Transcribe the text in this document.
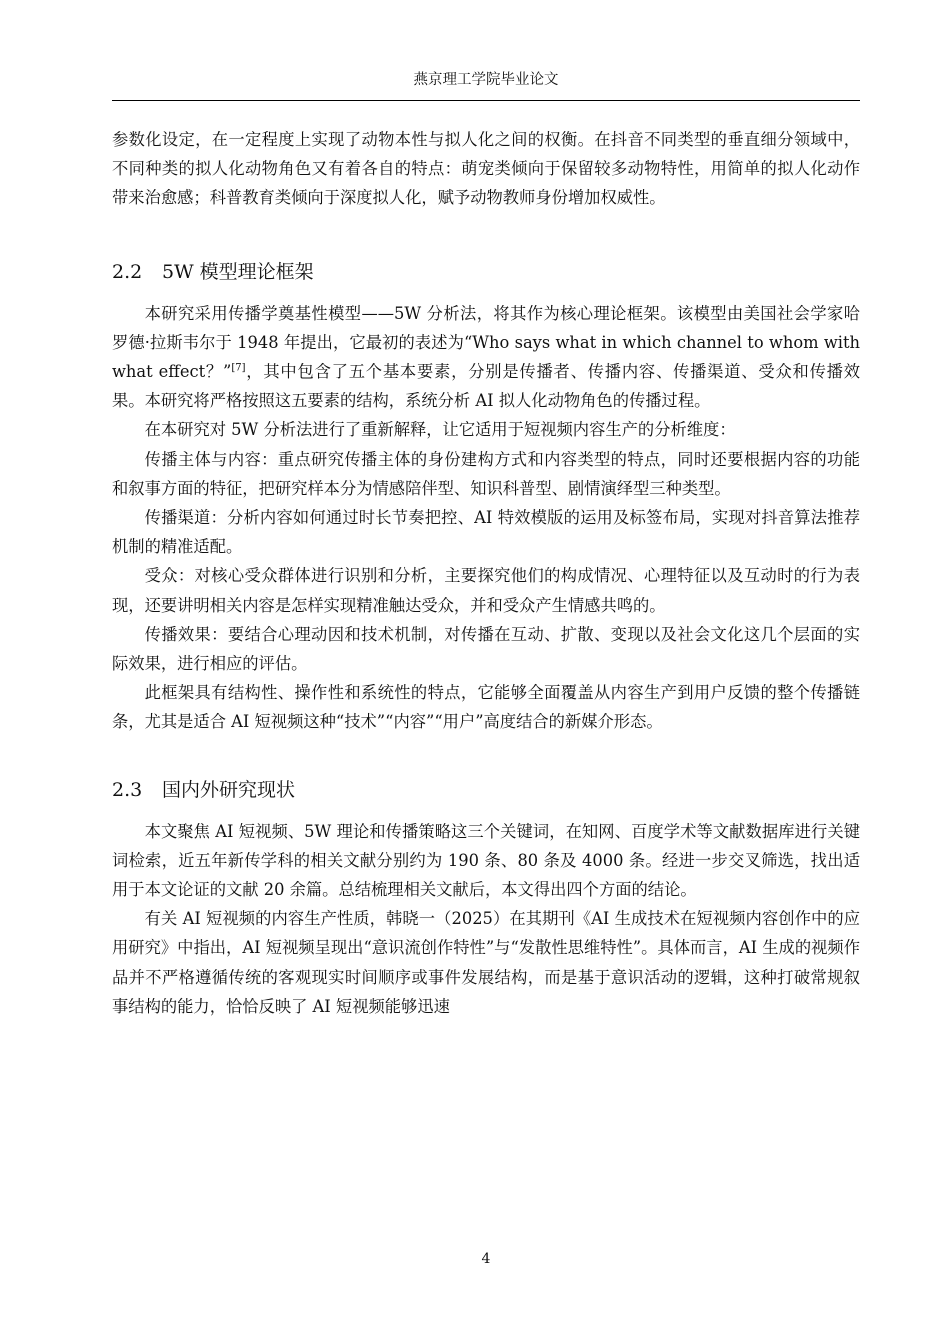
燕京理工学院毕业论文

参数化设定，在一定程度上实现了动物本性与拟人化之间的权衡。在抖音不同类型的垂直细分领域中，不同种类的拟人化动物角色又有着各自的特点：萌宠类倾向于保留较多动物特性，用简单的拟人化动作带来治愈感；科普教育类倾向于深度拟人化，赋予动物教师身份增加权威性。

2.2 5W 模型理论框架

本研究采用传播学奠基性模型——5W 分析法，将其作为核心理论框架。该模型由美国社会学家哈罗德·拉斯韦尔于 1948 年提出，它最初的表述为“Who says what in which channel to whom with what effect？”[7]，其中包含了五个基本要素，分别是传播者、传播内容、传播渠道、受众和传播效果。本研究将严格按照这五要素的结构，系统分析 AI 拟人化动物角色的传播过程。

在本研究对 5W 分析法进行了重新解释，让它适用于短视频内容生产的分析维度：

传播主体与内容：重点研究传播主体的身份建构方式和内容类型的特点，同时还要根据内容的功能和叙事方面的特征，把研究样本分为情感陪伴型、知识科普型、剧情演绎型三种类型。

传播渠道：分析内容如何通过时长节奏把控、AI 特效模版的运用及标签布局，实现对抖音算法推荐机制的精准适配。

受众：对核心受众群体进行识别和分析，主要探究他们的构成情况、心理特征以及互动时的行为表现，还要讲明相关内容是怎样实现精准触达受众，并和受众产生情感共鸣的。

传播效果：要结合心理动因和技术机制，对传播在互动、扩散、变现以及社会文化这几个层面的实际效果，进行相应的评估。

此框架具有结构性、操作性和系统性的特点，它能够全面覆盖从内容生产到用户反馈的整个传播链条，尤其是适合 AI 短视频这种“技术”“内容”“用户”高度结合的新媒介形态。

2.3 国内外研究现状

本文聚焦 AI 短视频、5W 理论和传播策略这三个关键词，在知网、百度学术等文献数据库进行关键词检索，近五年新传学科的相关文献分别约为 190 条、80 条及 4000 条。经进一步交叉筛选，找出适用于本文论证的文献 20 余篇。总结梳理相关文献后，本文得出四个方面的结论。

有关 AI 短视频的内容生产性质，韩晓一（2025）在其期刊《AI 生成技术在短视频内容创作中的应用研究》中指出，AI 短视频呈现出“意识流创作特性”与“发散性思维特性”。具体而言，AI 生成的视频作品并不严格遵循传统的客观现实时间顺序或事件发展结构，而是基于意识活动的逻辑，这种打破常规叙事结构的能力，恰恰反映了 AI 短视频能够迅速

4
